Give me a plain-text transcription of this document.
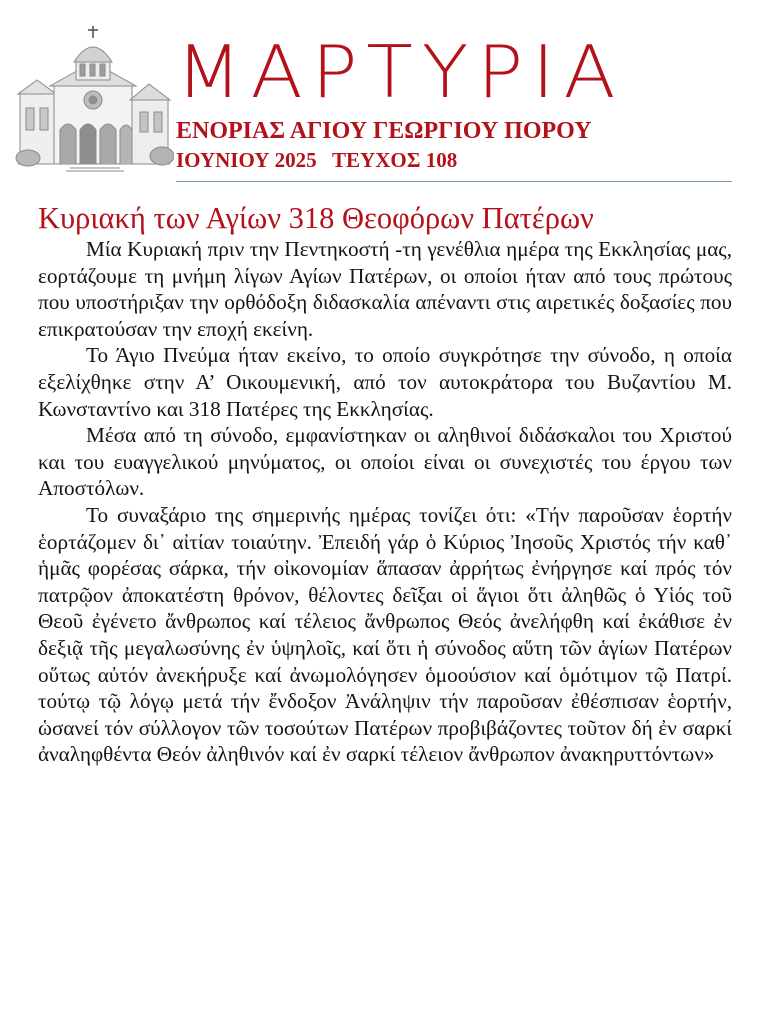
ΜΑΡΤΥΡΙΑ
ΕΝΟΡΙΑΣ ΑΓΙΟΥ ΓΕΩΡΓΙΟΥ ΠΟΡΟΥ
ΙΟΥΝΙΟΥ 2025   ΤΕΥΧΟΣ 108
Κυριακή των Αγίων 318 Θεοφόρων Πατέρων

Μία Κυριακή πριν την Πεντηκοστή -τη γενέθλια ημέρα της Εκκλησίας μας, εορτάζουμε τη μνήμη λίγων Αγίων Πατέρων, οι οποίοι ήταν από τους πρώτους που υποστήριξαν την ορθόδοξη διδασκαλία απέναντι στις αιρετικές δοξασίες που επικρατούσαν την εποχή εκείνη.

Το Άγιο Πνεύμα ήταν εκείνο, το οποίο συγκρότησε την σύνοδο, η οποία εξελίχθηκε στην Α’ Οικουμενική, από τον αυτοκράτορα του Βυζαντίου Μ. Κωνσταντίνο και 318 Πατέρες της Εκκλησίας.

Μέσα από τη σύνοδο, εμφανίστηκαν οι αληθινοί διδάσκαλοι του Χριστού και του ευαγγελικού μηνύματος, οι οποίοι είναι οι συνεχιστές του έργου των Αποστόλων.

Το συναξάριο της σημερινής ημέρας τονίζει ότι: «Τήν παροῦσαν ἑορτήν ἑορτάζομεν δι᾿ αἰτίαν τοιαύτην. Ἐπειδή γάρ ὁ Κύριος Ἰησοῦς Χριστός τήν καθ᾿ ἡμᾶς φορέσας σάρκα, τήν οἰκονομίαν ἅπασαν ἀρρήτως ἐνήργησε καί πρός τόν πατρῷον ἀποκατέστη θρόνον, θέλοντες δεῖξαι οἱ ἅγιοι ὅτι ἀληθῶς ὁ Υἱός τοῦ Θεοῦ ἐγένετο ἄνθρωπος καί τέλειος ἄνθρωπος Θεός ἀνελήφθη καί ἐκάθισε ἐν δεξιᾷ τῆς μεγαλωσύνης ἐν ὑψηλοῖς, καί ὅτι ἡ σύνοδος αὕτη τῶν ἁγίων Πατέρων οὕτως αὐτόν ἀνεκήρυξε καί ἀνωμολόγησεν ὁμοούσιον καί ὁμότιμον τῷ Πατρί. τούτῳ τῷ λόγῳ μετά τήν ἔνδοξον Ἀνάληψιν τήν παροῦσαν ἐθέσπισαν ἑορτήν, ὡσανεί τόν σύλλογον τῶν τοσούτων Πατέρων προβιβάζοντες τοῦτον δή ἐν σαρκί ἀναληφθέντα Θεόν ἀληθινόν καί ἐν σαρκί τέλειον ἄνθρωπον ἀνακηρυττόντων»
